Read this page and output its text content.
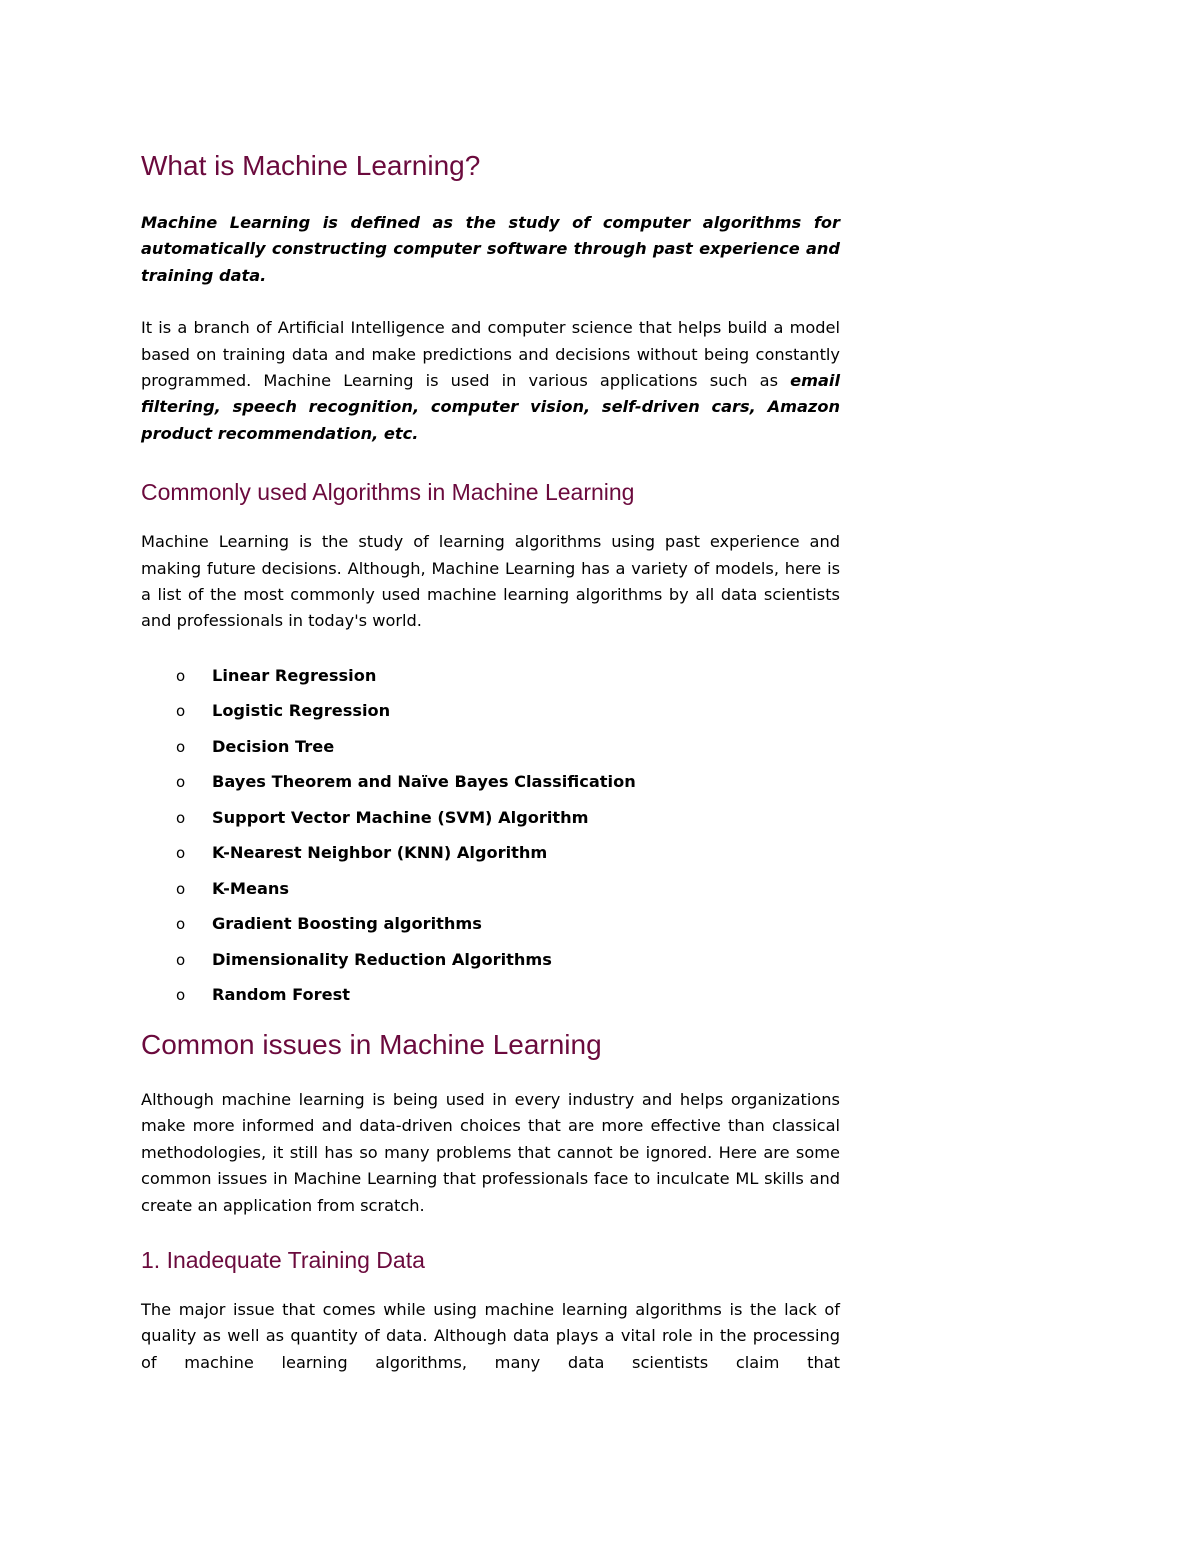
What is Machine Learning?

Machine Learning is defined as the study of computer algorithms for automatically constructing computer software through past experience and training data.

It is a branch of Artificial Intelligence and computer science that helps build a model based on training data and make predictions and decisions without being constantly programmed. Machine Learning is used in various applications such as email filtering, speech recognition, computer vision, self-driven cars, Amazon product recommendation, etc.

Commonly used Algorithms in Machine Learning

Machine Learning is the study of learning algorithms using past experience and making future decisions. Although, Machine Learning has a variety of models, here is a list of the most commonly used machine learning algorithms by all data scientists and professionals in today's world.

o Linear Regression
o Logistic Regression
o Decision Tree
o Bayes Theorem and Naïve Bayes Classification
o Support Vector Machine (SVM) Algorithm
o K-Nearest Neighbor (KNN) Algorithm
o K-Means
o Gradient Boosting algorithms
o Dimensionality Reduction Algorithms
o Random Forest
Common issues in Machine Learning

Although machine learning is being used in every industry and helps organizations make more informed and data-driven choices that are more effective than classical methodologies, it still has so many problems that cannot be ignored. Here are some common issues in Machine Learning that professionals face to inculcate ML skills and create an application from scratch.

1. Inadequate Training Data

The major issue that comes while using machine learning algorithms is the lack of quality as well as quantity of data. Although data plays a vital role in the processing of machine learning algorithms, many data scientists claim that
